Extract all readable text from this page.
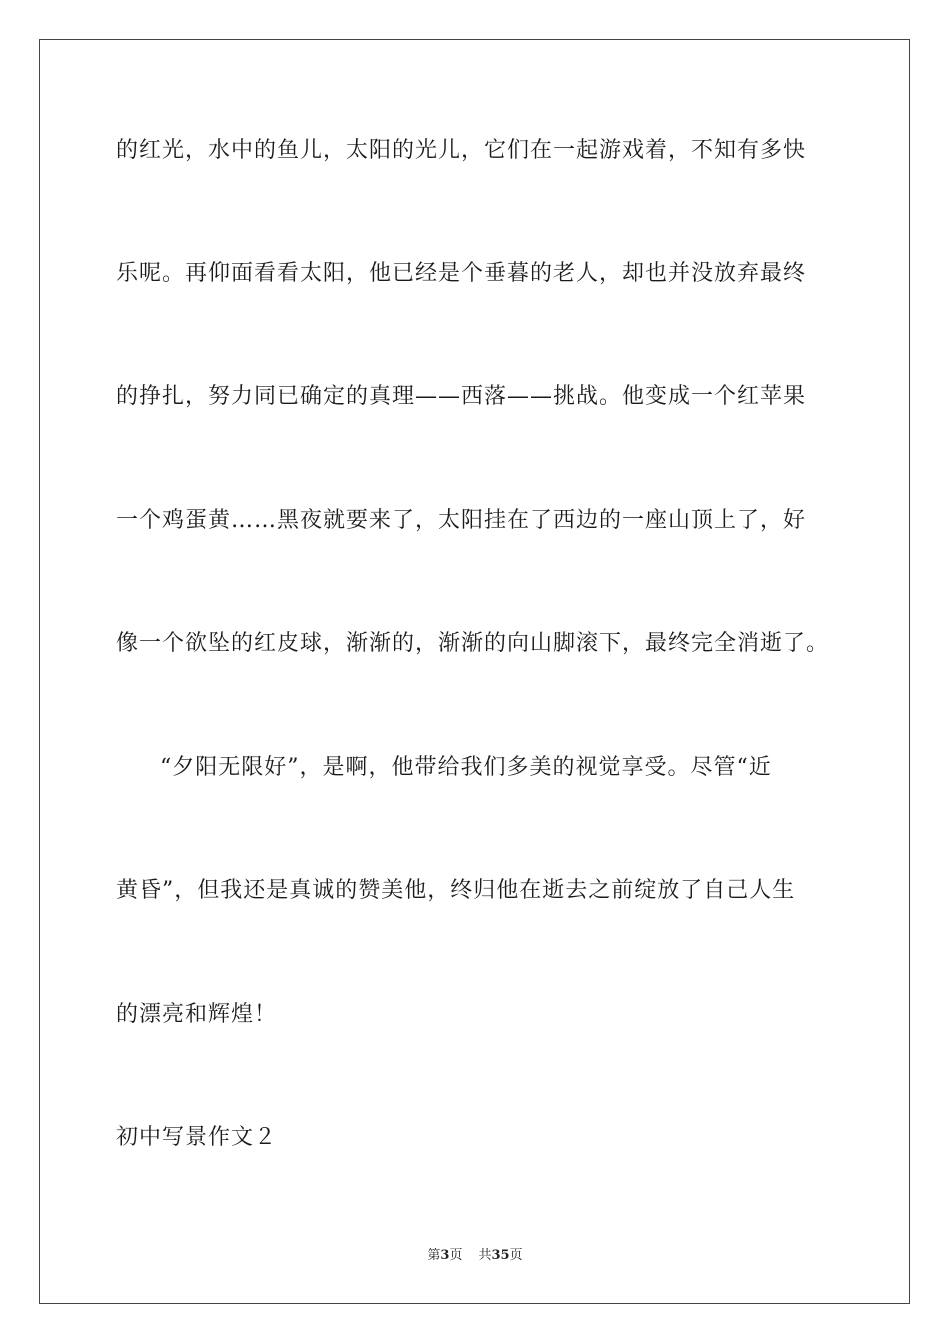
的红光，水中的鱼儿，太阳的光儿，它们在一起游戏着，不知有多快
乐呢。再仰面看看太阳，他已经是个垂暮的老人，却也并没放弃最终
的挣扎，努力同已确定的真理——西落——挑战。他变成一个红苹果
一个鸡蛋黄……黑夜就要来了，太阳挂在了西边的一座山顶上了，好
像一个欲坠的红皮球，渐渐的，渐渐的向山脚滚下，最终完全消逝了。
“夕阳无限好”，是啊，他带给我们多美的视觉享受。尽管“近
黄昏”，但我还是真诚的赞美他，终归他在逝去之前绽放了自己人生
的漂亮和辉煌！
初中写景作文２
第3页 共35页
